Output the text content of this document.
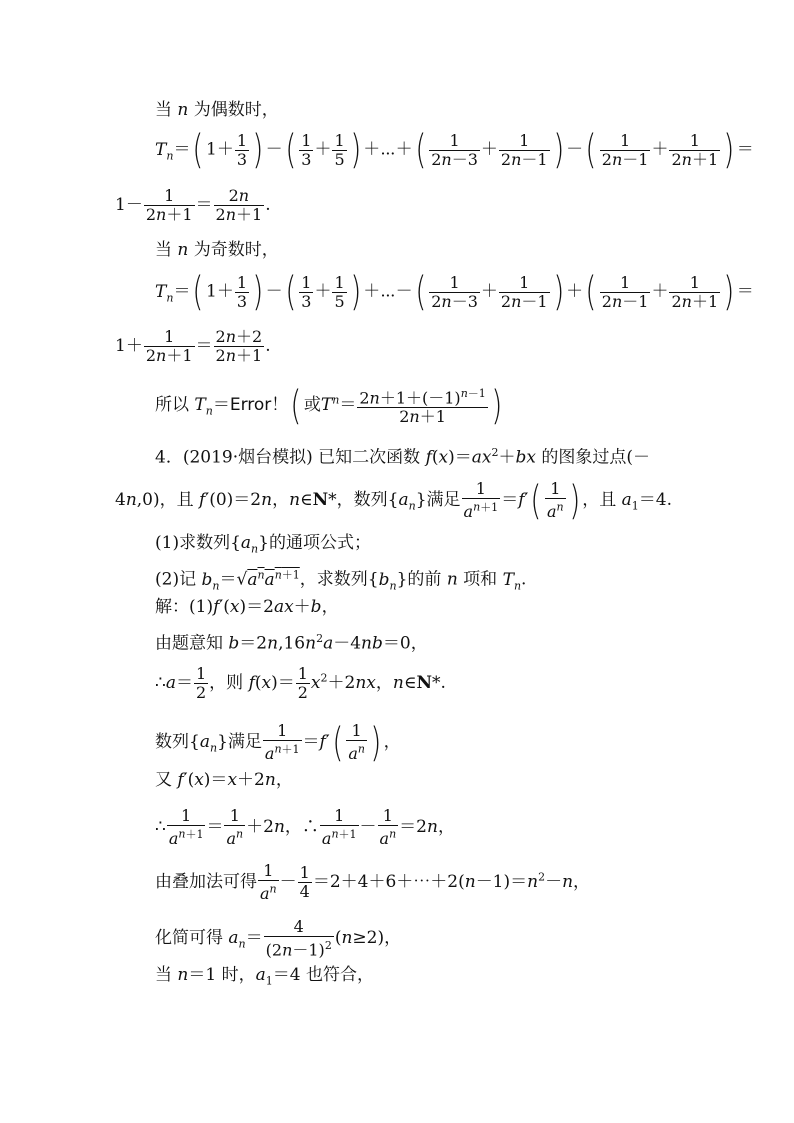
当 n 为偶数时，
$T_n=$( $1+ \frac{1}{3}$ ) －( $\frac{1}{3} + \frac{1}{5}$ ) ＋⋯＋( $\frac{1}{2n-3} + \frac{1}{2n-1}$ ) －( $\frac{1}{2n-1} + \frac{1}{2n+1}$ ) ＝
$1- \frac{1}{2n+1} = \frac{2n}{2n+1}$ .
当 n 为奇数时，
$T_n=$( $1+ \frac{1}{3}$ ) －( $\frac{1}{3} + \frac{1}{5}$ ) ＋⋯－( $\frac{1}{2n-3} + \frac{1}{2n-1}$ ) ＋( $\frac{1}{2n-1} + \frac{1}{2n+1}$ ) ＝
$1+ \frac{1}{2n+1} = \frac{2n+2}{2n+1}$ .
所以 $T_n=Error$！( 或$T^n= \frac{2n+1+(-1)^{n-1}}{2n+1}$ )
4．(2019·烟台模拟) 已知二次函数 $f(x)=ax^2+bx$ 的图象过点(－
4n,0)，且 f′(0)＝2n，n∈N*，数列$\{a_n\}$满足 $\frac{1}{a^{n+1}} =f'( \frac{1}{a^n}$ ) ，且 $a_1=4$.
(1)求数列$\{a_n\}$的通项公式；
(2)记 $b_n=√a^na^{n+1}$，求数列$\{b_n\}$的前 n 项和 $T_n$.
解：(1)f′(x)＝2ax＋b，
由题意知 $b=2n,16n^2a-4nb=0$，
∴a＝ $\frac{1}{2}$ ，则 $f(x)= \frac{1}{2} x^2+2nx$，n∈N*.
数列$\{a_n\}$满足 $\frac{1}{a^{n+1}} =f'( \frac{1}{a^n}$ ) ，
又 f′(x)＝x＋2n，
∴ $\frac{1}{a^{n+1}} = \frac{1}{a^n} +2n$，∴ $\frac{1}{a^{n+1}} - \frac{1}{a^n} =2n$，
由叠加法可得 $\frac{1}{a^n} - \frac{1}{4}$ $=2+4+6+\cdots+2(n-1)=n^2-n$，
化简可得 $a_n= \frac{4}{(2n-1)^2} (n\ge 2)$，
当 n＝1 时，$a_1=4$ 也符合，
